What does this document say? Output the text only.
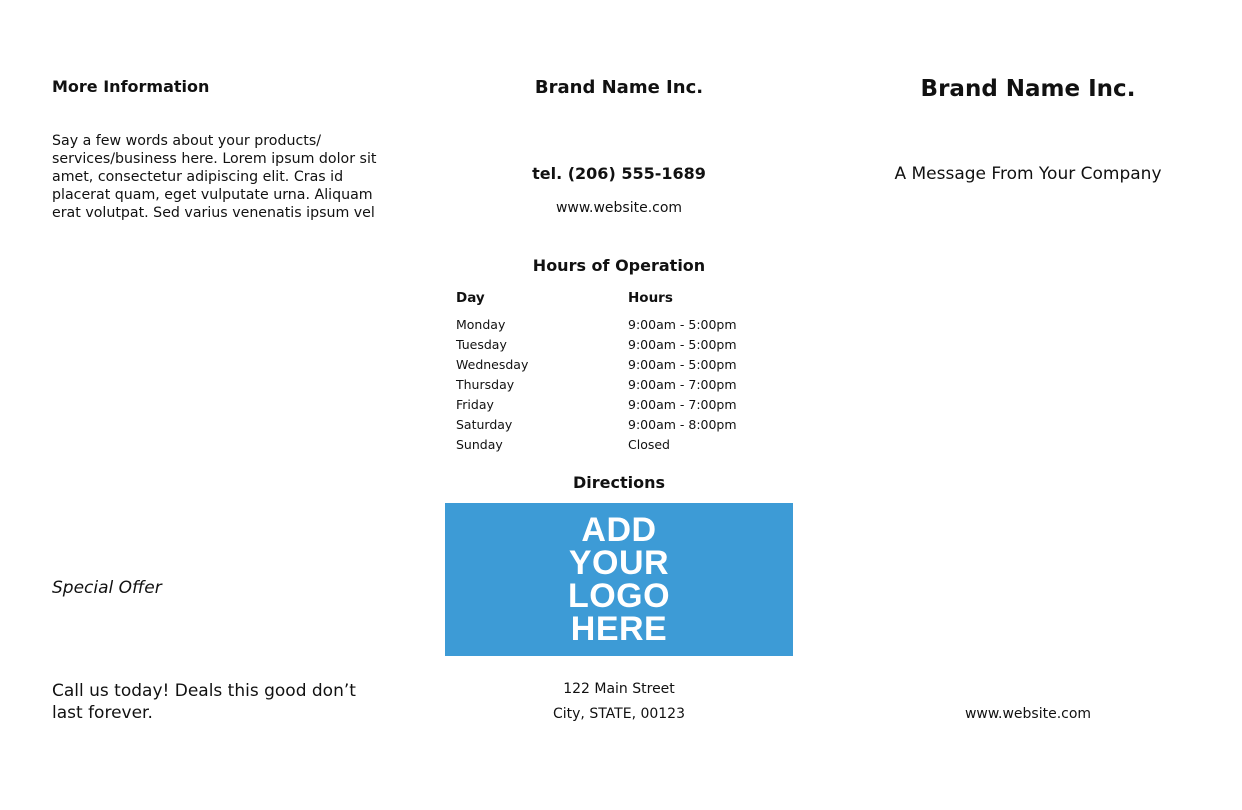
More Information
Say a few words about your products/ services/business here. Lorem ipsum dolor sit amet, consectetur adipiscing elit. Cras id placerat quam, eget vulputate urna. Aliquam erat volutpat. Sed varius venenatis ipsum vel
Special Offer
Call us today! Deals this good don’t last forever.
Brand Name Inc.
tel. (206) 555-1689
www.website.com
Hours of Operation
Day	Hours
Monday	9:00am - 5:00pm
Tuesday	9:00am - 5:00pm
Wednesday	9:00am - 5:00pm
Thursday	9:00am - 7:00pm
Friday	9:00am - 7:00pm
Saturday	9:00am - 8:00pm
Sunday	Closed
Directions
ADD
YOUR
LOGO
HERE
122 Main Street
City, STATE, 00123
Brand Name Inc.
A Message From Your Company
www.website.com
